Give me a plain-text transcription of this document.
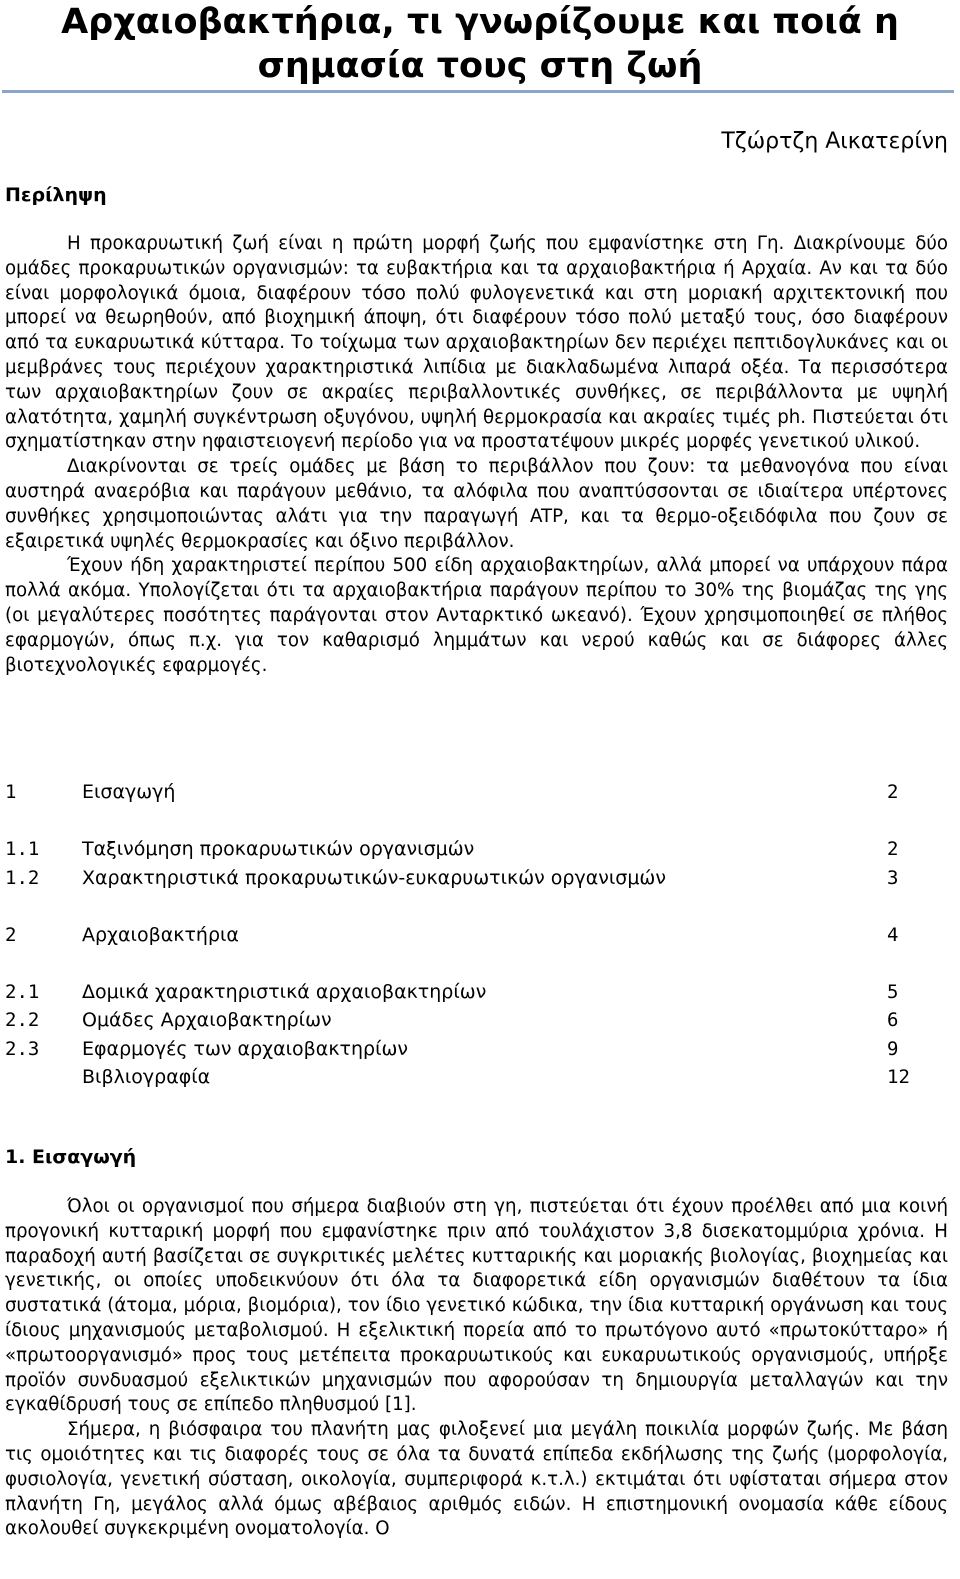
Αρχαιοβακτήρια, τι γνωρίζουμε και ποιά η
σημασία τους στη ζωή

Τζώρτζη Αικατερίνη

Περίληψη

Η προκαρυωτική ζωή είναι η πρώτη μορφή ζωής που εμφανίστηκε στη Γη. Διακρίνουμε δύο ομάδες προκαρυωτικών οργανισμών: τα ευβακτήρια και τα αρχαιοβακτήρια ή Αρχαία. Αν και τα δύο είναι μορφολογικά όμοια, διαφέρουν τόσο πολύ φυλογενετικά και στη μοριακή αρχιτεκτονική που μπορεί να θεωρηθούν, από βιοχημική άποψη, ότι διαφέρουν τόσο πολύ μεταξύ τους, όσο διαφέρουν από τα ευκαρυωτικά κύτταρα. Το τοίχωμα των αρχαιοβακτηρίων δεν περιέχει πεπτιδογλυκάνες και οι μεμβράνες τους περιέχουν χαρακτηριστικά λιπίδια με διακλαδωμένα λιπαρά οξέα. Τα περισσότερα των αρχαιοβακτηρίων ζουν σε ακραίες περιβαλλοντικές συνθήκες, σε περιβάλλοντα με υψηλή αλατότητα, χαμηλή συγκέντρωση οξυγόνου, υψηλή θερμοκρασία και ακραίες τιμές ph. Πιστεύεται ότι σχηματίστηκαν στην ηφαιστειογενή περίοδο για να προστατέψουν μικρές μορφές γενετικού υλικού.

Διακρίνονται σε τρείς ομάδες με βάση το περιβάλλον που ζουν: τα μεθανογόνα που είναι αυστηρά αναερόβια και παράγουν μεθάνιο, τα αλόφιλα που αναπτύσσονται σε ιδιαίτερα υπέρτονες συνθήκες χρησιμοποιώντας αλάτι για την παραγωγή ATP, και τα θερμο-οξειδόφιλα που ζουν σε εξαιρετικά υψηλές θερμοκρασίες και όξινο περιβάλλον.

Έχουν ήδη χαρακτηριστεί περίπου 500 είδη αρχαιοβακτηρίων, αλλά μπορεί να υπάρχουν πάρα πολλά ακόμα. Υπολογίζεται ότι τα αρχαιοβακτήρια παράγουν περίπου το 30% της βιομάζας της γης (οι μεγαλύτερες ποσότητες παράγονται στον Ανταρκτικό ωκεανό). Έχουν χρησιμοποιηθεί σε πλήθος εφαρμογών, όπως π.χ. για τον καθαρισμό λημμάτων και νερού καθώς και σε διάφορες άλλες βιοτεχνολογικές εφαρμογές.

1	Εισαγωγή	2
1.1 Ταξινόμηση προκαρυωτικών οργανισμών	2
1.2 Χαρακτηριστικά προκαρυωτικών-ευκαρυωτικών οργανισμών	3
2	Αρχαιοβακτήρια	4
2.1 Δομικά χαρακτηριστικά αρχαιοβακτηρίων	5
2.2 Ομάδες Αρχαιοβακτηρίων	6
2.3 Εφαρμογές των αρχαιοβακτηρίων	9
Βιβλιογραφία	12
1. Εισαγωγή

Όλοι οι οργανισμοί που σήμερα διαβιούν στη γη, πιστεύεται ότι έχουν προέλθει από μια κοινή προγονική κυτταρική μορφή που εμφανίστηκε πριν από τουλάχιστον 3,8 δισεκατομμύρια χρόνια. Η παραδοχή αυτή βασίζεται σε συγκριτικές μελέτες κυτταρικής και μοριακής βιολογίας, βιοχημείας και γενετικής, οι οποίες υποδεικνύουν ότι όλα τα διαφορετικά είδη οργανισμών διαθέτουν τα ίδια συστατικά (άτομα, μόρια, βιομόρια), τον ίδιο γενετικό κώδικα, την ίδια κυτταρική οργάνωση και τους ίδιους μηχανισμούς μεταβολισμού. Η εξελικτική πορεία από το πρωτόγονο αυτό «πρωτοκύτταρο» ή «πρωτοοργανισμό» προς τους μετέπειτα προκαρυωτικούς και ευκαρυωτικούς οργανισμούς, υπήρξε προϊόν συνδυασμού εξελικτικών μηχανισμών που αφορούσαν τη δημιουργία μεταλλαγών και την εγκαθίδρυσή τους σε επίπεδο πληθυσμού [1].

Σήμερα, η βιόσφαιρα του πλανήτη μας φιλοξενεί μια μεγάλη ποικιλία μορφών ζωής. Με βάση τις ομοιότητες και τις διαφορές τους σε όλα τα δυνατά επίπεδα εκδήλωσης της ζωής (μορφολογία, φυσιολογία, γενετική σύσταση, οικολογία, συμπεριφορά κ.τ.λ.) εκτιμάται ότι υφίσταται σήμερα στον πλανήτη Γη, μεγάλος αλλά όμως αβέβαιος αριθμός ειδών. Η επιστημονική ονομασία κάθε είδους ακολουθεί συγκεκριμένη ονοματολογία. Ο
